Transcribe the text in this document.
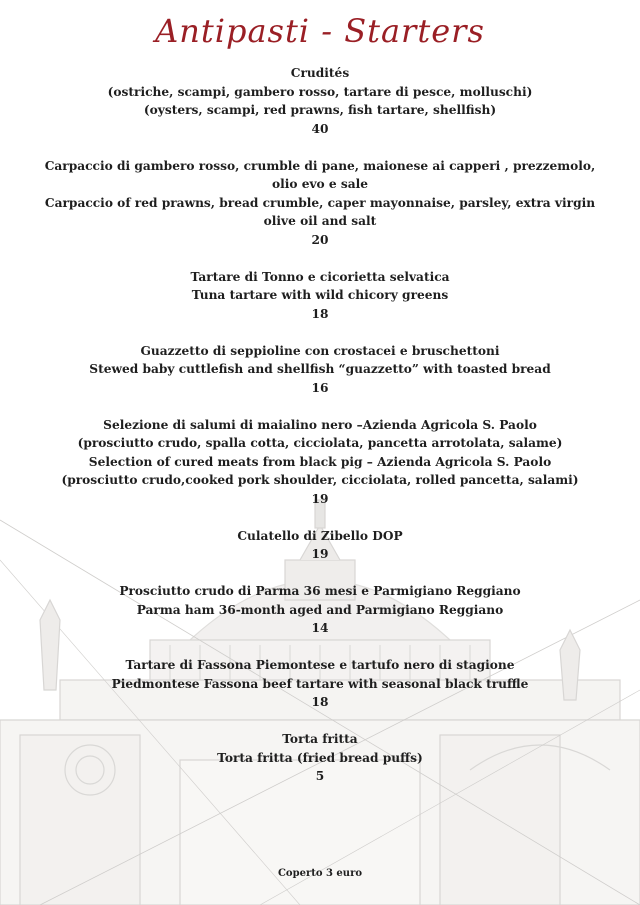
Antipasti - Starters
Crudités
(ostriche, scampi, gambero rosso, tartare di pesce, molluschi)
(oysters, scampi, red prawns, fish tartare, shellfish)
40
Carpaccio di gambero rosso, crumble di pane, maionese ai capperi , prezzemolo, olio evo e sale
Carpaccio of red prawns, bread crumble, caper mayonnaise, parsley, extra virgin olive oil and salt
20
Tartare di Tonno e cicorietta selvatica
Tuna tartare with wild chicory greens
18
Guazzetto di seppioline con crostacei e bruschettoni
Stewed baby cuttlefish and shellfish “guazzetto” with toasted bread
16
Selezione di salumi di maialino nero –Azienda Agricola S. Paolo
(prosciutto crudo, spalla cotta, cicciolata, pancetta arrotolata, salame)
Selection of cured meats from black pig – Azienda Agricola S. Paolo
(prosciutto crudo,cooked pork shoulder, cicciolata, rolled pancetta, salami)
19
Culatello di Zibello DOP
19
Prosciutto crudo di Parma 36 mesi e Parmigiano Reggiano
Parma ham 36-month aged and Parmigiano Reggiano
14
Tartare di Fassona Piemontese e tartufo nero di stagione
Piedmontese Fassona beef tartare with seasonal black truffle
18
Torta fritta
Torta fritta (fried bread puffs)
5
Coperto 3 euro
